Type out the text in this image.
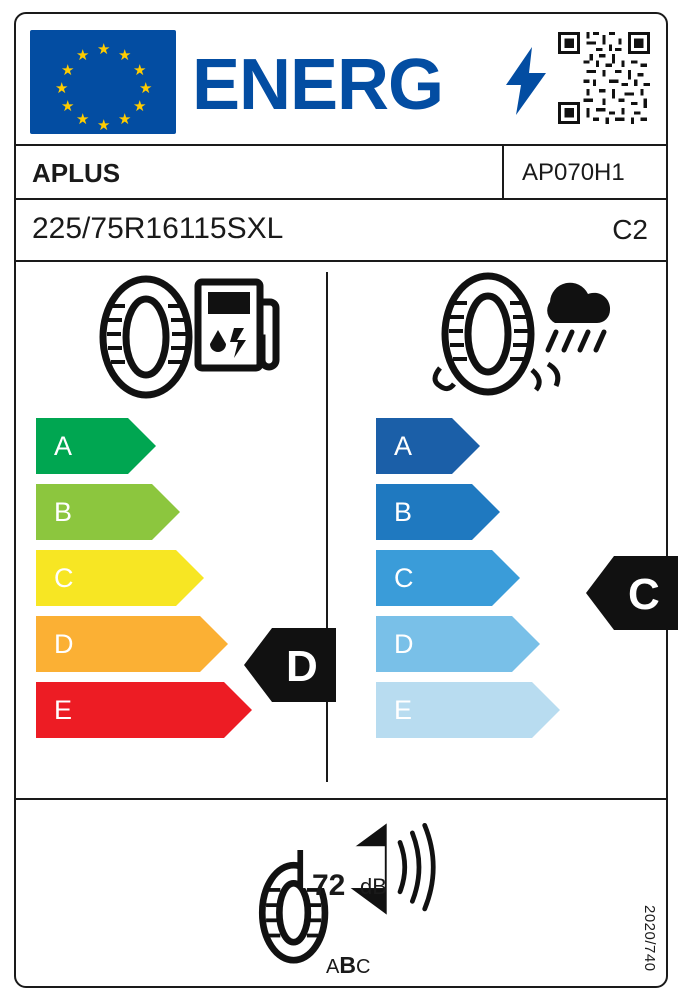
★
★ ★
★	★
★	★
★	★
★ ★
★
ENERG
APLUS	AP070H1
225/75R16115SXL	C2
A
B
C
D
E
A
B
C
D
E
D
C
72 dB
ABC	2020/740
